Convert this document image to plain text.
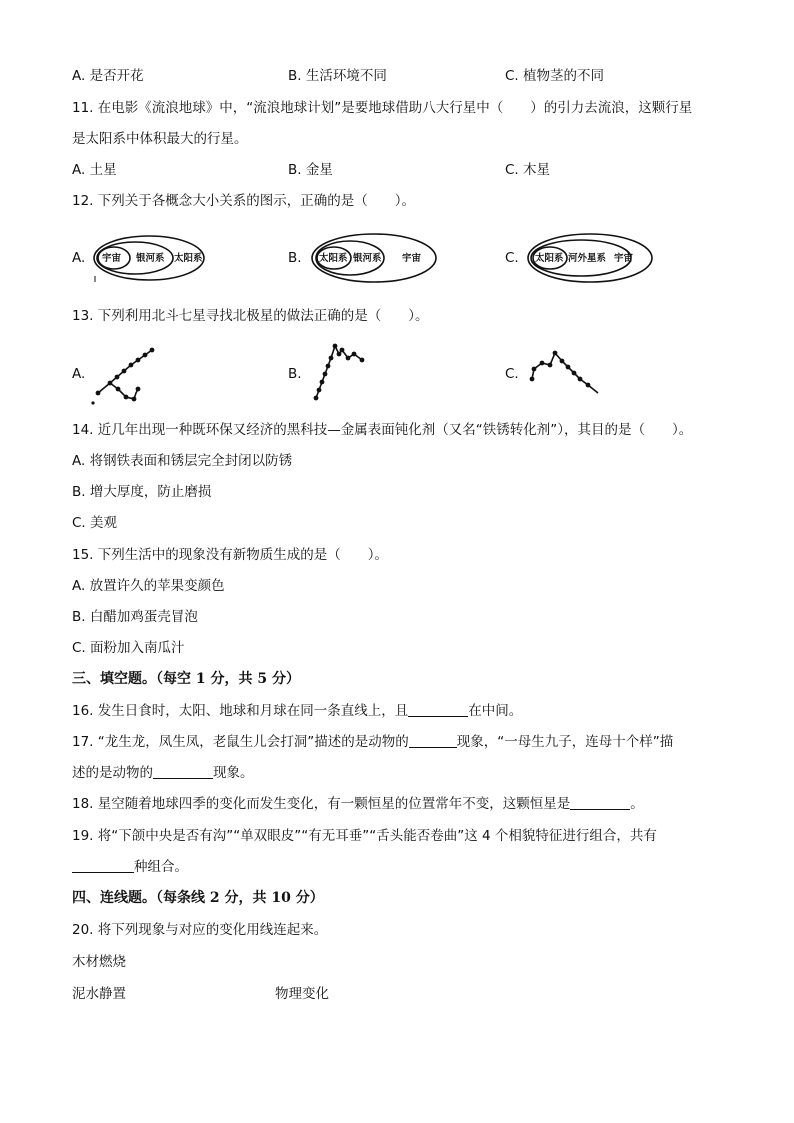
A. 是否开花	B. 生活环境不同	C. 植物茎的不同
11. 在电影《流浪地球》中，“流浪地球计划”是要地球借助八大行星中（　　）的引力去流浪，这颗行星
是太阳系中体积最大的行星。
A. 土星	B. 金星	C. 木星
12. 下列关于各概念大小关系的图示，正确的是（　　）。
A.	B.	C.
宇宙 银河系 太阳系	太阳系 银河系 宇宙	太阳系 河外星系 宇宙
13. 下列利用北斗七星寻找北极星的做法正确的是（　　）。
A.	B.	C.
14. 近几年出现一种既环保又经济的黑科技—金属表面钝化剂（又名“铁锈转化剂”），其目的是（　　）。
A. 将钢铁表面和锈层完全封闭以防锈
B. 增大厚度，防止磨损
C. 美观
15. 下列生活中的现象没有新物质生成的是（　　）。
A. 放置许久的苹果变颜色
B. 白醋加鸡蛋壳冒泡
C. 面粉加入南瓜汁
三、填空题。（每空 1 分，共 5 分）
16. 发生日食时，太阳、地球和月球在同一条直线上，且	在中间。
17. “龙生龙，凤生凤，老鼠生儿会打洞”描述的是动物的	现象，“一母生九子，连母十个样”描
述的是动物的	现象。
18. 星空随着地球四季的变化而发生变化，有一颗恒星的位置常年不变，这颗恒星是	。
19. 将“下颌中央是否有沟”“单双眼皮”“有无耳垂”“舌头能否卷曲”这 4 个相貌特征进行组合，共有
种组合。
四、连线题。（每条线 2 分，共 10 分）
20. 将下列现象与对应的变化用线连起来。
木材燃烧
泥水静置	物理变化
